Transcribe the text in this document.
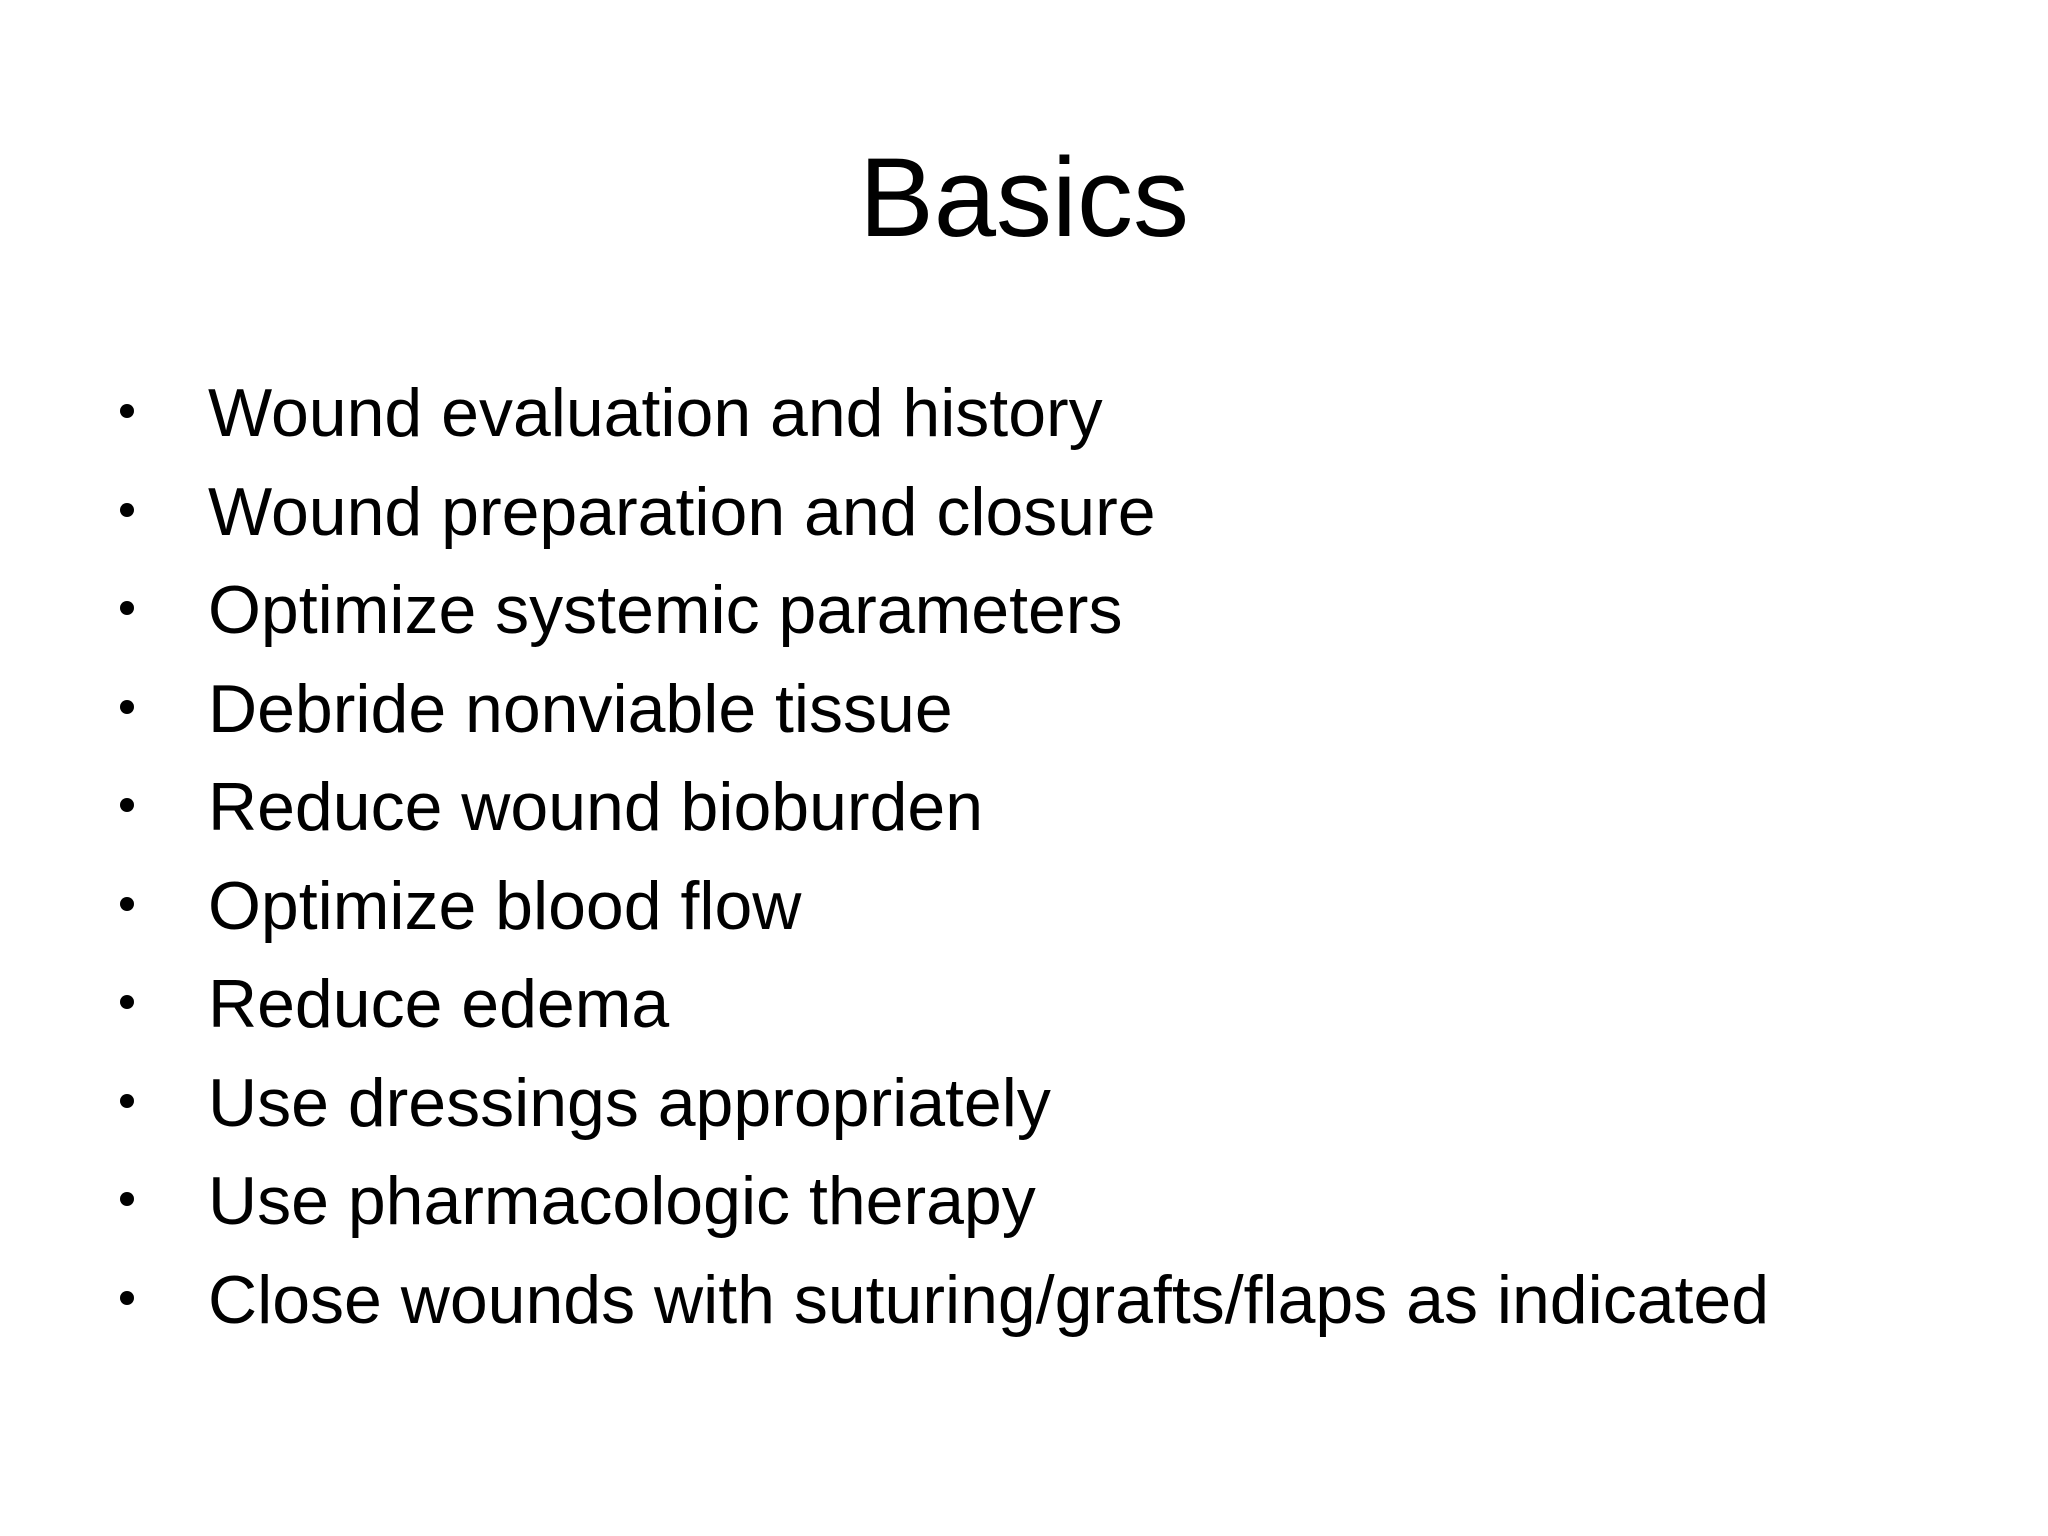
Basics
Wound evaluation and history
Wound preparation and closure
Optimize systemic parameters
Debride nonviable tissue
Reduce wound bioburden
Optimize blood flow
Reduce edema
Use dressings appropriately
Use pharmacologic therapy
Close wounds with suturing/grafts/flaps as indicated
